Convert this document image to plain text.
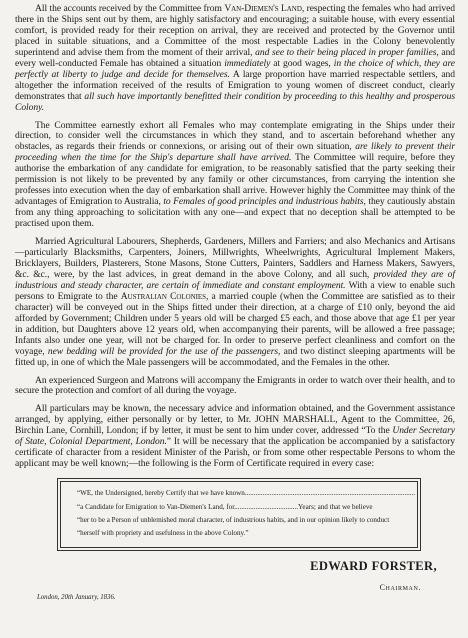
All the accounts received by the Committee from Van-Diemen's Land, respecting the females who had arrived there in the Ships sent out by them, are highly satisfactory and encouraging; a suitable house, with every essential comfort, is provided ready for their reception on arrival, they are received and protected by the Governor until placed in suitable situations, and a Committee of the most respectable Ladies in the Colony benevolently superintend and advise them from the moment of their arrival, and see to their being placed in proper families, and every well-conducted Female has obtained a situation immediately at good wages, in the choice of which, they are perfectly at liberty to judge and decide for themselves. A large proportion have married respectable settlers, and altogether the information received of the results of Emigration to young women of discreet conduct, clearly demonstrates that all such have importantly benefitted their condition by proceeding to this healthy and prosperous Colony.

The Committee earnestly exhort all Females who may contemplate emigrating in the Ships under their direction, to consider well the circumstances in which they stand, and to ascertain beforehand whether any obstacles, as regards their friends or connexions, or arising out of their own situation, are likely to prevent their proceeding when the time for the Ship's departure shall have arrived. The Committee will require, before they authorise the embarkation of any candidate for emigration, to be reasonably satisfied that the party seeking their permission is not likely to be prevented by any family or other circumstances, from carrying the intention she professes into execution when the day of embarkation shall arrive. However highly the Committee may think of the advantages of Emigration to Australia, to Females of good principles and industrious habits, they cautiously abstain from any thing approaching to solicitation with any one—and expect that no deception shall be attempted to be practised upon them.

Married Agricultural Labourers, Shepherds, Gardeners, Millers and Farriers; and also Mechanics and Artisans—particularly Blacksmiths, Carpenters, Joiners, Millwrights, Wheelwrights, Agricultural Implement Makers, Bricklayers, Builders, Plasterers, Stone Masons, Stone Cutters, Painters, Saddlers and Harness Makers, Sawyers, &c. &c., were, by the last advices, in great demand in the above Colony, and all such, provided they are of industrious and steady character, are certain of immediate and constant employment. With a view to enable such persons to Emigrate to the Australian Colonies, a married couple (when the Committee are satisfied as to their character) will be conveyed out in the Ships fitted under their direction, at a charge of £10 only, beyond the aid afforded by Government; Children under 5 years old will be charged £5 each, and those above that age £1 per year in addition, but Daughters above 12 years old, when accompanying their parents, will be allowed a free passage; Infants also under one year, will not be charged for. In order to preserve perfect cleanliness and comfort on the voyage, new bedding will be provided for the use of the passengers, and two distinct sleeping apartments will be fitted up, in one of which the Male passengers will be accommodated, and the Females in the other.

An experienced Surgeon and Matrons will accompany the Emigrants in order to watch over their health, and to secure the protection and comfort of all during the voyage.

All particulars may be known, the necessary advice and information obtained, and the Government assistance arranged, by applying, either personally or by letter, to Mr. JOHN MARSHALL, Agent to the Committee, 26, Birchin Lane, Cornhill, London; if by letter, it must be sent to him under cover, addressed “To the Under Secretary of State, Colonial Department, London.” It will be necessary that the application be accompanied by a satisfactory certificate of character from a resident Minister of the Parish, or from some other respectable Persons to whom the applicant may be well known;—the following is the Form of Certificate required in every case:

“WE, the Undersigned, hereby Certify that we have known................................................................................................
“a Candidate for Emigration to Van-Diemen's Land, for....................................Years; and that we believe
“her to be a Person of unblemished moral character, of industrious habits, and in our opinion likely to conduct
“herself with propriety and usefulness in the above Colony.”
EDWARD FORSTER,
Chairman.
London, 20th January, 1836.
